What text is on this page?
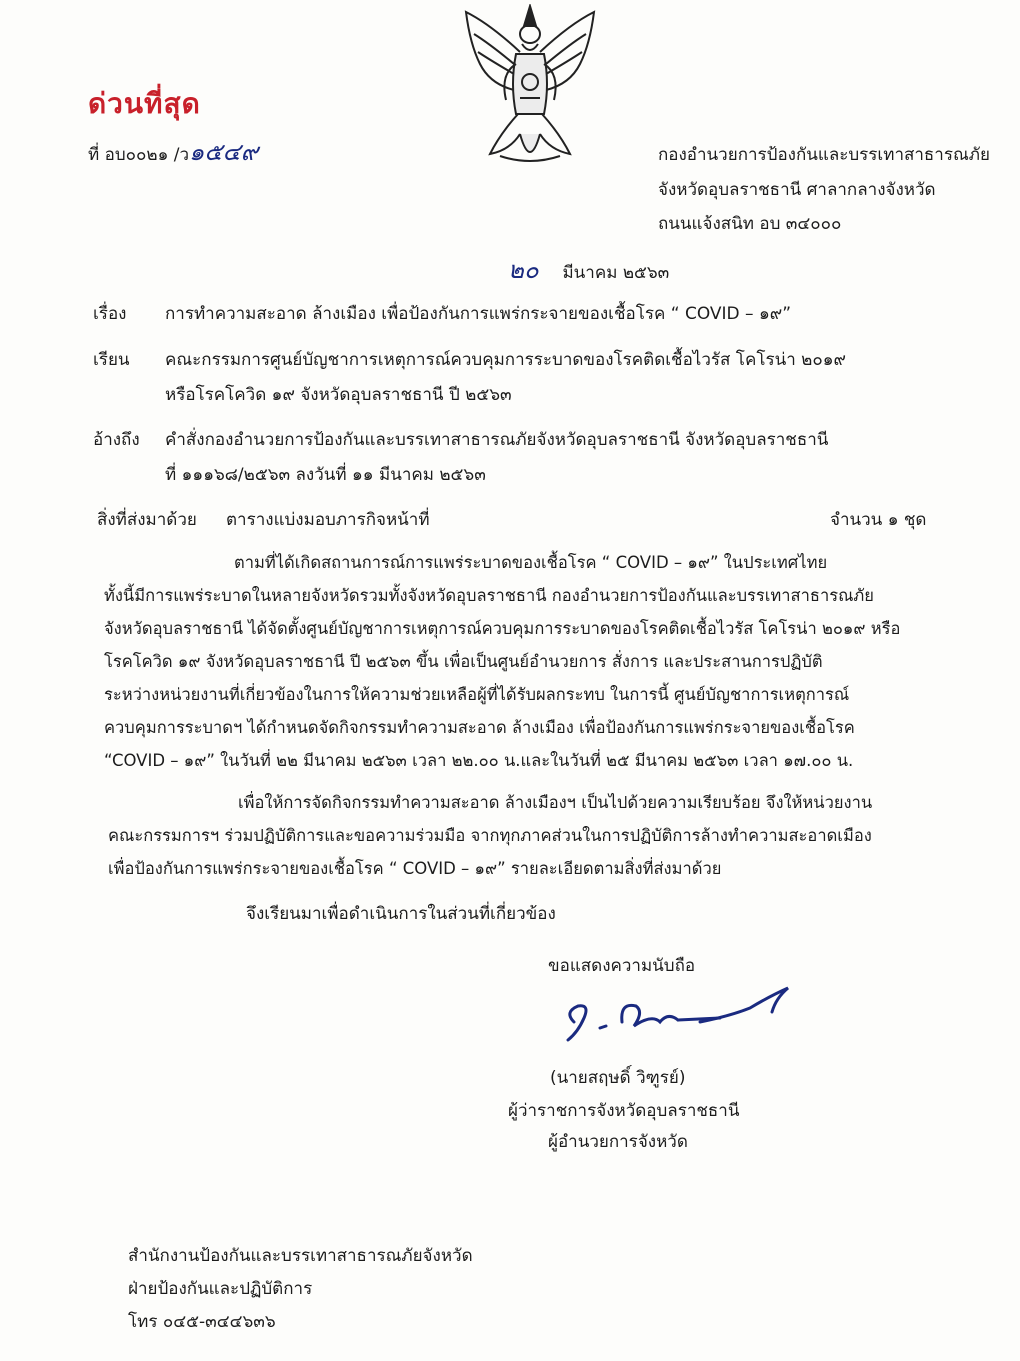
ด่วนที่สุด
ที่ อบ๐๐๒๑ /ว๑๕๔๙	กองอำนวยการป้องกันและบรรเทาสาธารณภัย
จังหวัดอุบลราชธานี ศาลากลางจังหวัด
ถนนแจ้งสนิท อบ ๓๔๐๐๐
๒๐ มีนาคม ๒๕๖๓
เรื่อง การทำความสะอาด ล้างเมือง เพื่อป้องกันการแพร่กระจายของเชื้อโรค “ COVID – ๑๙”
เรียน คณะกรรมการศูนย์บัญชาการเหตุการณ์ควบคุมการระบาดของโรคติดเชื้อไวรัส โคโรน่า ๒๐๑๙
หรือโรคโควิด ๑๙ จังหวัดอุบลราชธานี ปี ๒๕๖๓
อ้างถึง คำสั่งกองอำนวยการป้องกันและบรรเทาสาธารณภัยจังหวัดอุบลราชธานี จังหวัดอุบลราชธานี
ที่ ๑๑๑๖๘/๒๕๖๓ ลงวันที่ ๑๑ มีนาคม ๒๕๖๓
สิ่งที่ส่งมาด้วย ตารางแบ่งมอบภารกิจหน้าที่	จำนวน ๑ ชุด
ตามที่ได้เกิดสถานการณ์การแพร่ระบาดของเชื้อโรค “ COVID – ๑๙” ในประเทศไทย
ทั้งนี้มีการแพร่ระบาดในหลายจังหวัดรวมทั้งจังหวัดอุบลราชธานี กองอำนวยการป้องกันและบรรเทาสาธารณภัย
จังหวัดอุบลราชธานี ได้จัดตั้งศูนย์บัญชาการเหตุการณ์ควบคุมการระบาดของโรคติดเชื้อไวรัส โคโรน่า ๒๐๑๙ หรือ
โรคโควิด ๑๙ จังหวัดอุบลราชธานี ปี ๒๕๖๓ ขึ้น เพื่อเป็นศูนย์อำนวยการ สั่งการ และประสานการปฏิบัติ
ระหว่างหน่วยงานที่เกี่ยวข้องในการให้ความช่วยเหลือผู้ที่ได้รับผลกระทบ ในการนี้ ศูนย์บัญชาการเหตุการณ์
ควบคุมการระบาดฯ ได้กำหนดจัดกิจกรรมทำความสะอาด ล้างเมือง เพื่อป้องกันการแพร่กระจายของเชื้อโรค
“COVID – ๑๙” ในวันที่ ๒๒ มีนาคม ๒๕๖๓ เวลา ๒๒.๐๐ น.และในวันที่ ๒๕ มีนาคม ๒๕๖๓ เวลา ๑๗.๐๐ น.
เพื่อให้การจัดกิจกรรมทำความสะอาด ล้างเมืองฯ เป็นไปด้วยความเรียบร้อย จึงให้หน่วยงาน
คณะกรรมการฯ ร่วมปฏิบัติการและขอความร่วมมือ จากทุกภาคส่วนในการปฏิบัติการล้างทำความสะอาดเมือง
เพื่อป้องกันการแพร่กระจายของเชื้อโรค “ COVID – ๑๙” รายละเอียดตามสิ่งที่ส่งมาด้วย
จึงเรียนมาเพื่อดำเนินการในส่วนที่เกี่ยวข้อง
ขอแสดงความนับถือ
(นายสฤษดิ์ วิฑูรย์)
ผู้ว่าราชการจังหวัดอุบลราชธานี
ผู้อำนวยการจังหวัด
สำนักงานป้องกันและบรรเทาสาธารณภัยจังหวัด
ฝ่ายป้องกันและปฏิบัติการ
โทร ๐๔๕-๓๔๔๖๓๖
